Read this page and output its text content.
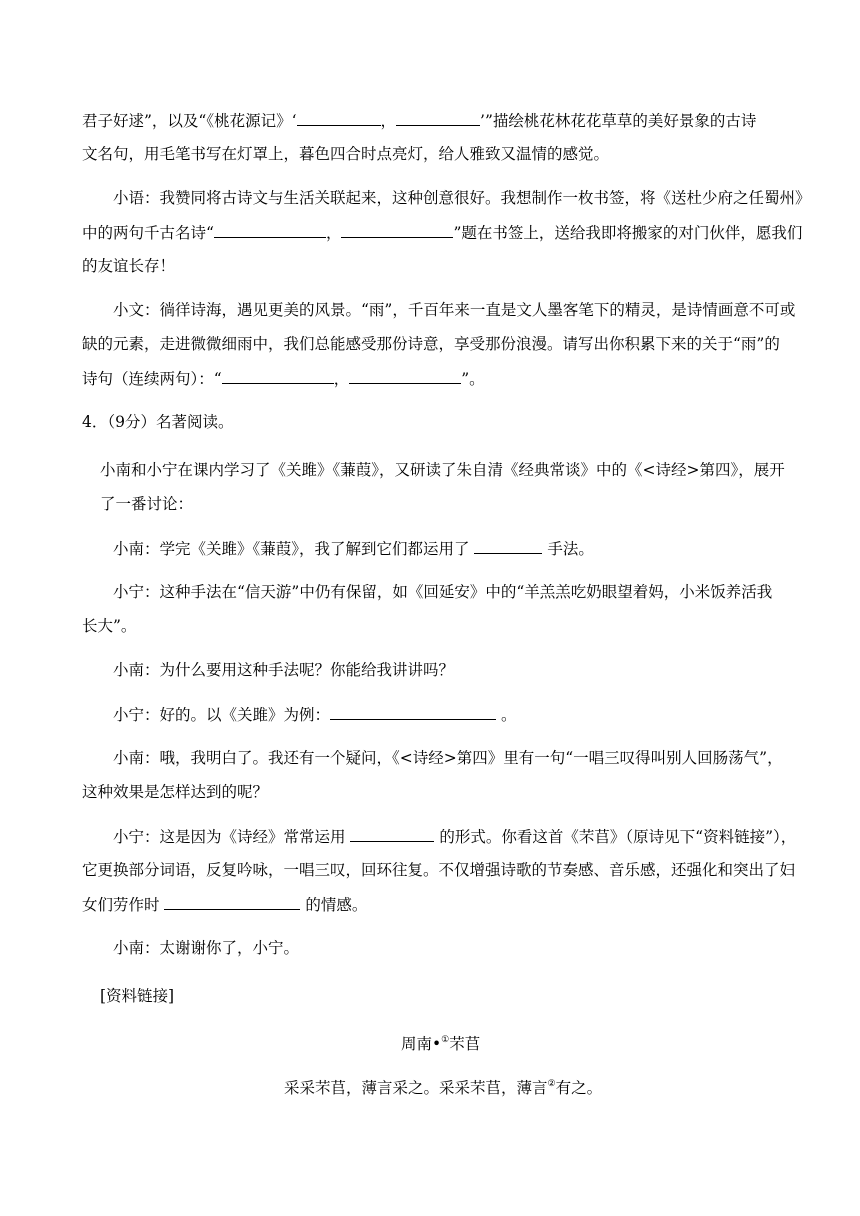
君子好逑”，以及“《桃花源记》‘	，	’”描绘桃花林花花草草的美好景象的古诗
文名句，用毛笔书写在灯罩上，暮色四合时点亮灯，给人雅致又温情的感觉。
小语：我赞同将古诗文与生活关联起来，这种创意很好。我想制作一枚书签，将《送杜少府之任蜀州》
中的两句千古名诗“	，	”题在书签上，送给我即将搬家的对门伙伴，愿我们
的友谊长存！
小文：徜徉诗海，遇见更美的风景。“雨”，千百年来一直是文人墨客笔下的精灵，是诗情画意不可或
缺的元素，走进微微细雨中，我们总能感受那份诗意，享受那份浪漫。请写出你积累下来的关于“雨”的
诗句（连续两句）：“	，	”。
4．（9分）名著阅读。
小南和小宁在课内学习了《关雎》《蒹葭》，又研读了朱自清《经典常谈》中的《<诗经>第四》，展开
了一番讨论：
小南：学完《关雎》《蒹葭》，我了解到它们都运用了	手法。
小宁：这种手法在“信天游”中仍有保留，如《回延安》中的“羊羔羔吃奶眼望着妈，小米饭养活我
长大”。
小南：为什么要用这种手法呢？你能给我讲讲吗？
小宁：好的。以《关雎》为例：	。
小南：哦，我明白了。我还有一个疑问，《<诗经>第四》里有一句“一唱三叹得叫别人回肠荡气”，
这种效果是怎样达到的呢？
小宁：这是因为《诗经》常常运用	的形式。你看这首《芣苢》（原诗见下“资料链接”），
它更换部分词语，反复吟咏，一唱三叹，回环往复。不仅增强诗歌的节奏感、音乐感，还强化和突出了妇
女们劳作时	的情感。
小南：太谢谢你了，小宁。
[资料链接]
周南•①芣苢
采采芣苢，薄言采之。采采芣苢，薄言②有之。
